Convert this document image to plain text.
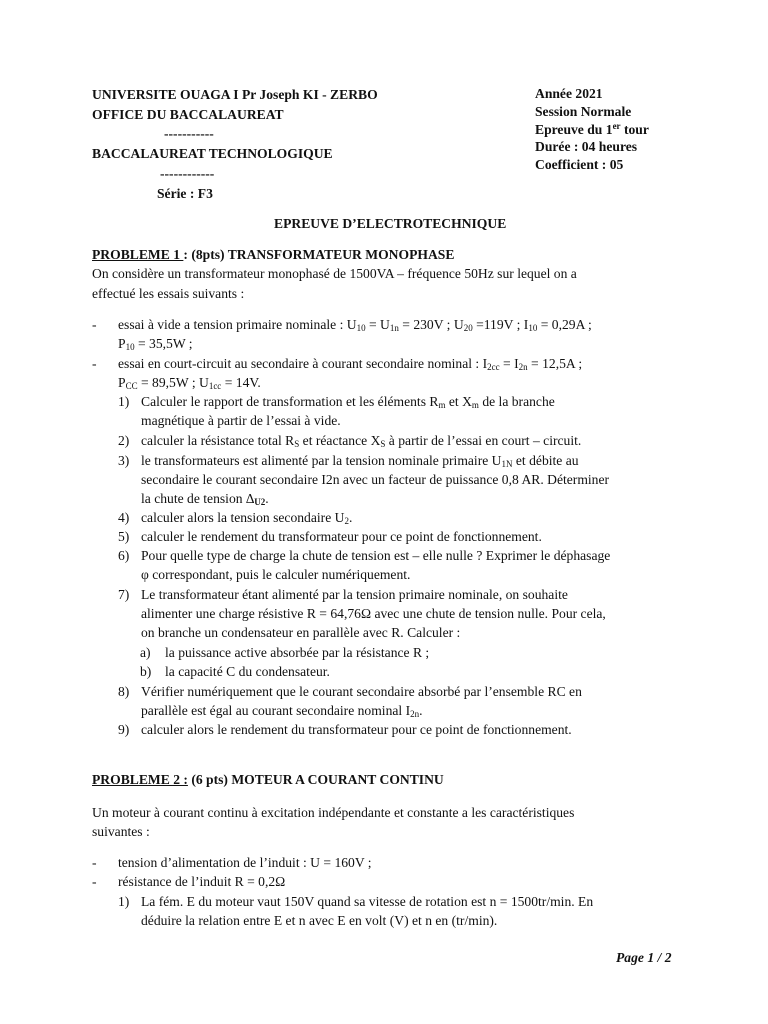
UNIVERSITE OUAGA I Pr Joseph KI - ZERBO
OFFICE DU BACCALAUREAT
-----------
BACCALAUREAT TECHNOLOGIQUE
------------
Série : F3
Année 2021
Session Normale
Epreuve du 1er tour
Durée : 04 heures
Coefficient : 05
EPREUVE D’ELECTROTECHNIQUE
PROBLEME 1 : (8pts) TRANSFORMATEUR MONOPHASE
On considère un transformateur monophasé de 1500VA – fréquence 50Hz sur lequel on a
effectué les essais suivants :
- essai à vide a tension primaire nominale : $U_{10} = U_{1n} = 230V$ ; $U_{20} =119V$ ; $I_{10} = 0,29A$ ;
$P_{10} = 35,5W$ ;
- essai en court-circuit au secondaire à courant secondaire nominal : $I_{2cc} = I_{2n} = 12,5A$ ;
$P_{CC} = 89,5W$ ; $U_{1cc} = 14V$.
1) Calculer le rapport de transformation et les éléments $R_m$ et $X_m$ de la branche
magnétique à partir de l’essai à vide.
2) calculer la résistance total $R_S$ et réactance $X_S$ à partir de l’essai en court – circuit.
3) le transformateurs est alimenté par la tension nominale primaire $U_{1N}$ et débite au
secondaire le courant secondaire I2n avec un facteur de puissance 0,8 AR. Déterminer
la chute de tension $\Delta_{U2}$.
4) calculer alors la tension secondaire $U_2$.
5) calculer le rendement du transformateur pour ce point de fonctionnement.
6) Pour quelle type de charge la chute de tension est – elle nulle ? Exprimer le déphasage
φ correspondant, puis le calculer numériquement.
7) Le transformateur étant alimenté par la tension primaire nominale, on souhaite
alimenter une charge résistive R = 64,76Ω avec une chute de tension nulle. Pour cela,
on branche un condensateur en parallèle avec R. Calculer :
a) la puissance active absorbée par la résistance R ;
b) la capacité C du condensateur.
8) Vérifier numériquement que le courant secondaire absorbé par l’ensemble RC en
parallèle est égal au courant secondaire nominal $I_{2n}$.
9) calculer alors le rendement du transformateur pour ce point de fonctionnement.
PROBLEME 2 : (6 pts) MOTEUR A COURANT CONTINU
Un moteur à courant continu à excitation indépendante et constante a les caractéristiques
suivantes :
- tension d’alimentation de l’induit : U = 160V ;
- résistance de l’induit R = 0,2Ω
1) La fém. E du moteur vaut 150V quand sa vitesse de rotation est n = 1500tr/min. En
déduire la relation entre E et n avec E en volt (V) et n en (tr/min).
Page 1 / 2
